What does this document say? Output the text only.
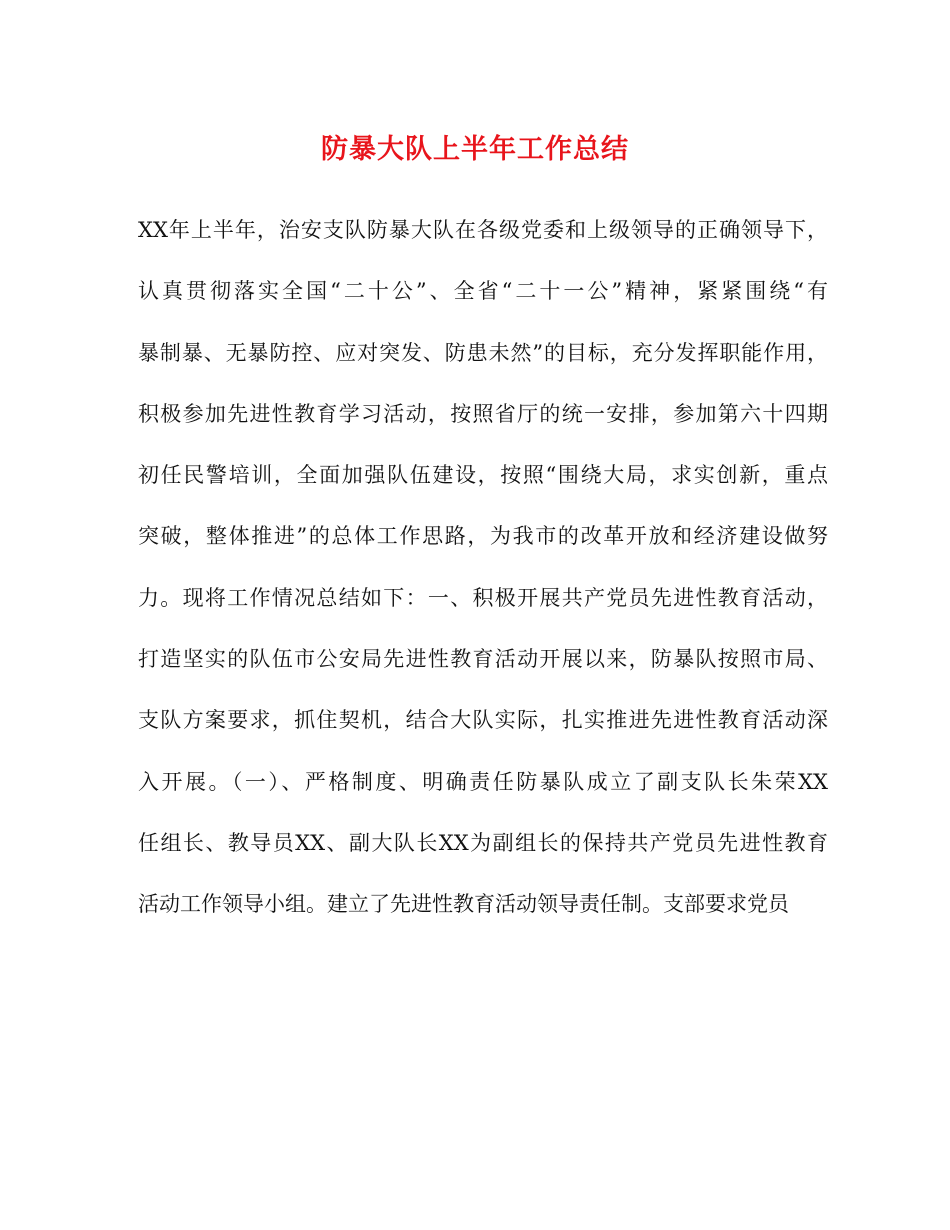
防暴大队上半年工作总结
XX年上半年，治安支队防暴大队在各级党委和上级领导的正确领导下，
认真贯彻落实全国“二十公”、全省“二十一公”精神，紧紧围绕“有
暴制暴、无暴防控、应对突发、防患未然”的目标，充分发挥职能作用，
积极参加先进性教育学习活动，按照省厅的统一安排，参加第六十四期
初任民警培训，全面加强队伍建设，按照“围绕大局，求实创新，重点
突破，整体推进”的总体工作思路，为我市的改革开放和经济建设做努
力。现将工作情况总结如下：一、积极开展共产党员先进性教育活动，
打造坚实的队伍市公安局先进性教育活动开展以来，防暴队按照市局、
支队方案要求，抓住契机，结合大队实际，扎实推进先进性教育活动深
入开展。（一）、严格制度、明确责任防暴队成立了副支队长朱荣XX
任组长、教导员XX、副大队长XX为副组长的保持共产党员先进性教育
活动工作领导小组。建立了先进性教育活动领导责任制。支部要求党员
